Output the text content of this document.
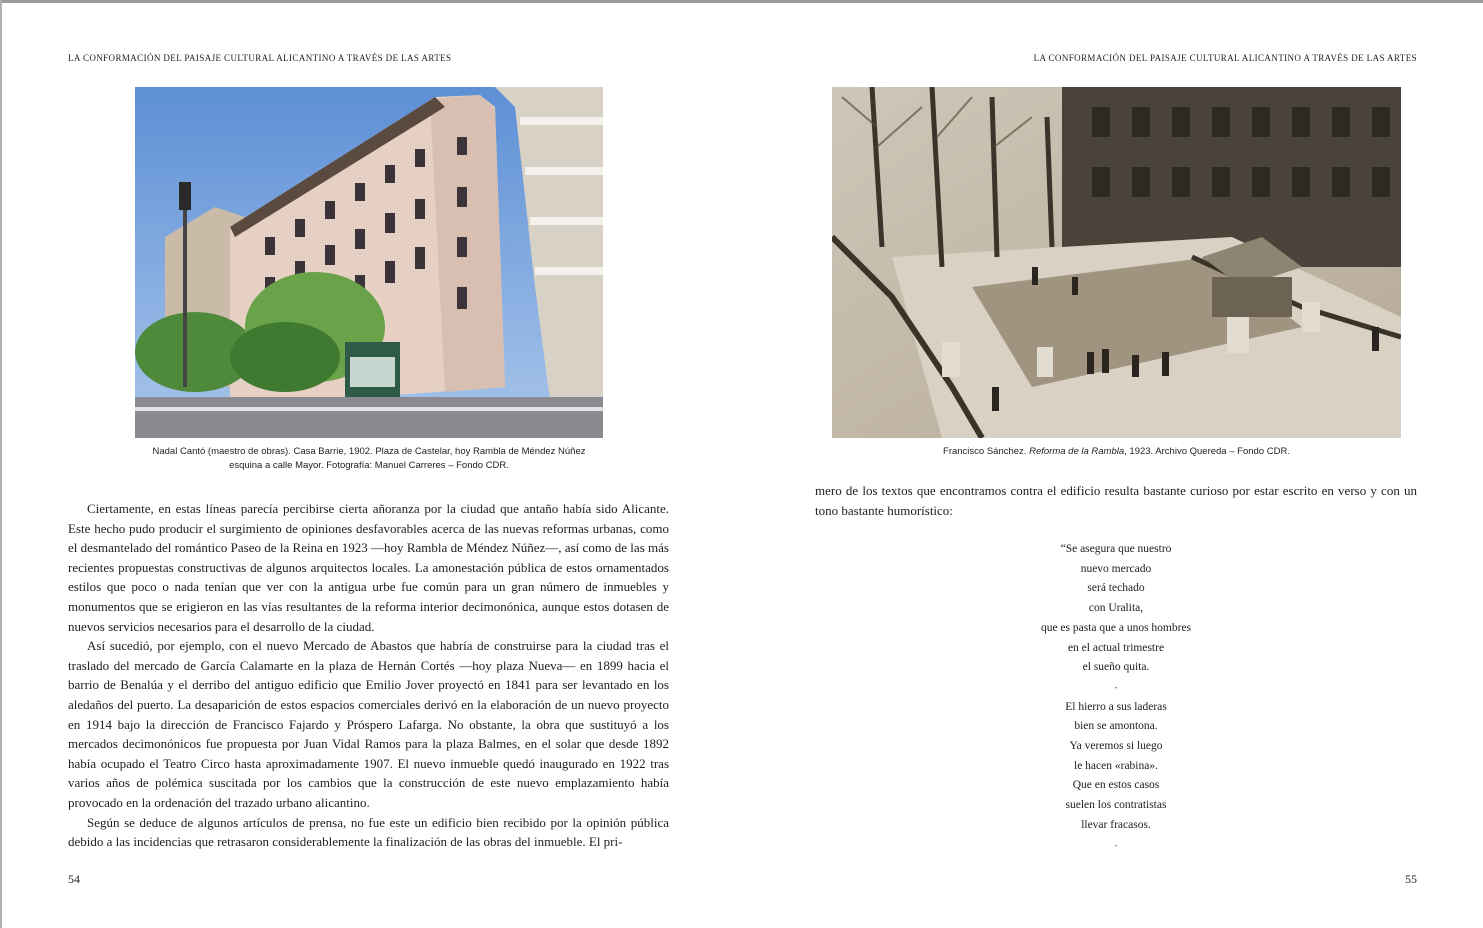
LA CONFORMACIÓN DEL PAISAJE CULTURAL ALICANTINO A TRAVÉS DE LAS ARTES
Nadal Cantó (maestro de obras). Casa Barrie, 1902. Plaza de Castelar, hoy Rambla de Méndez Núñez
esquina a calle Mayor. Fotografía: Manuel Carreres – Fondo CDR.

Ciertamente, en estas líneas parecía percibirse cierta añoranza por la ciudad que antaño había sido Alicante. Este hecho pudo producir el surgimiento de opiniones desfavorables acerca de las nuevas reformas urbanas, como el desmantelado del romántico Paseo de la Reina en 1923 —hoy Rambla de Méndez Núñez—, así como de las más recientes propuestas constructivas de algunos arquitectos locales. La amonestación pública de estos ornamentados estilos que poco o nada tenían que ver con la antigua urbe fue común para un gran número de inmuebles y monumentos que se erigieron en las vías resultantes de la reforma interior decimonónica, aunque estos dotasen de nuevos servicios necesarios para el desarrollo de la ciudad.

Así sucedió, por ejemplo, con el nuevo Mercado de Abastos que habría de construirse para la ciudad tras el traslado del mercado de García Calamarte en la plaza de Hernán Cortés —hoy plaza Nueva— en 1899 hacia el barrio de Benalúa y el derribo del antiguo edificio que Emilio Jover proyectó en 1841 para ser levantado en los aledaños del puerto. La desaparición de estos espacios comerciales derivó en la elaboración de un nuevo proyecto en 1914 bajo la dirección de Francisco Fajardo y Próspero Lafarga. No obstante, la obra que sustituyó a los mercados decimonónicos fue propuesta por Juan Vidal Ramos para la plaza Balmes, en el solar que desde 1892 había ocupado el Teatro Circo hasta aproximadamente 1907. El nuevo inmueble quedó inaugurado en 1922 tras varios años de polémica suscitada por los cambios que la construcción de este nuevo emplazamiento había provocado en la ordenación del trazado urbano alicantino.

Según se deduce de algunos artículos de prensa, no fue este un edificio bien recibido por la opinión pública debido a las incidencias que retrasaron considerablemente la finalización de las obras del inmueble. El pri-

54
LA CONFORMACIÓN DEL PAISAJE CULTURAL ALICANTINO A TRAVÉS DE LAS ARTES
Francisco Sánchez. Reforma de la Rambla, 1923. Archivo Quereda – Fondo CDR.

mero de los textos que encontramos contra el edificio resulta bastante curioso por estar escrito en verso y con un tono bastante humorístico:

“Se asegura que nuestro
nuevo mercado
será techado
con Uralita,
que es pasta que a unos hombres
en el actual trimestre
el sueño quita.
-
El hierro a sus laderas
bien se amontona.
Ya veremos si luego
le hacen «rabina».
Que en estos casos
suelen los contratistas
llevar fracasos.
-
55
